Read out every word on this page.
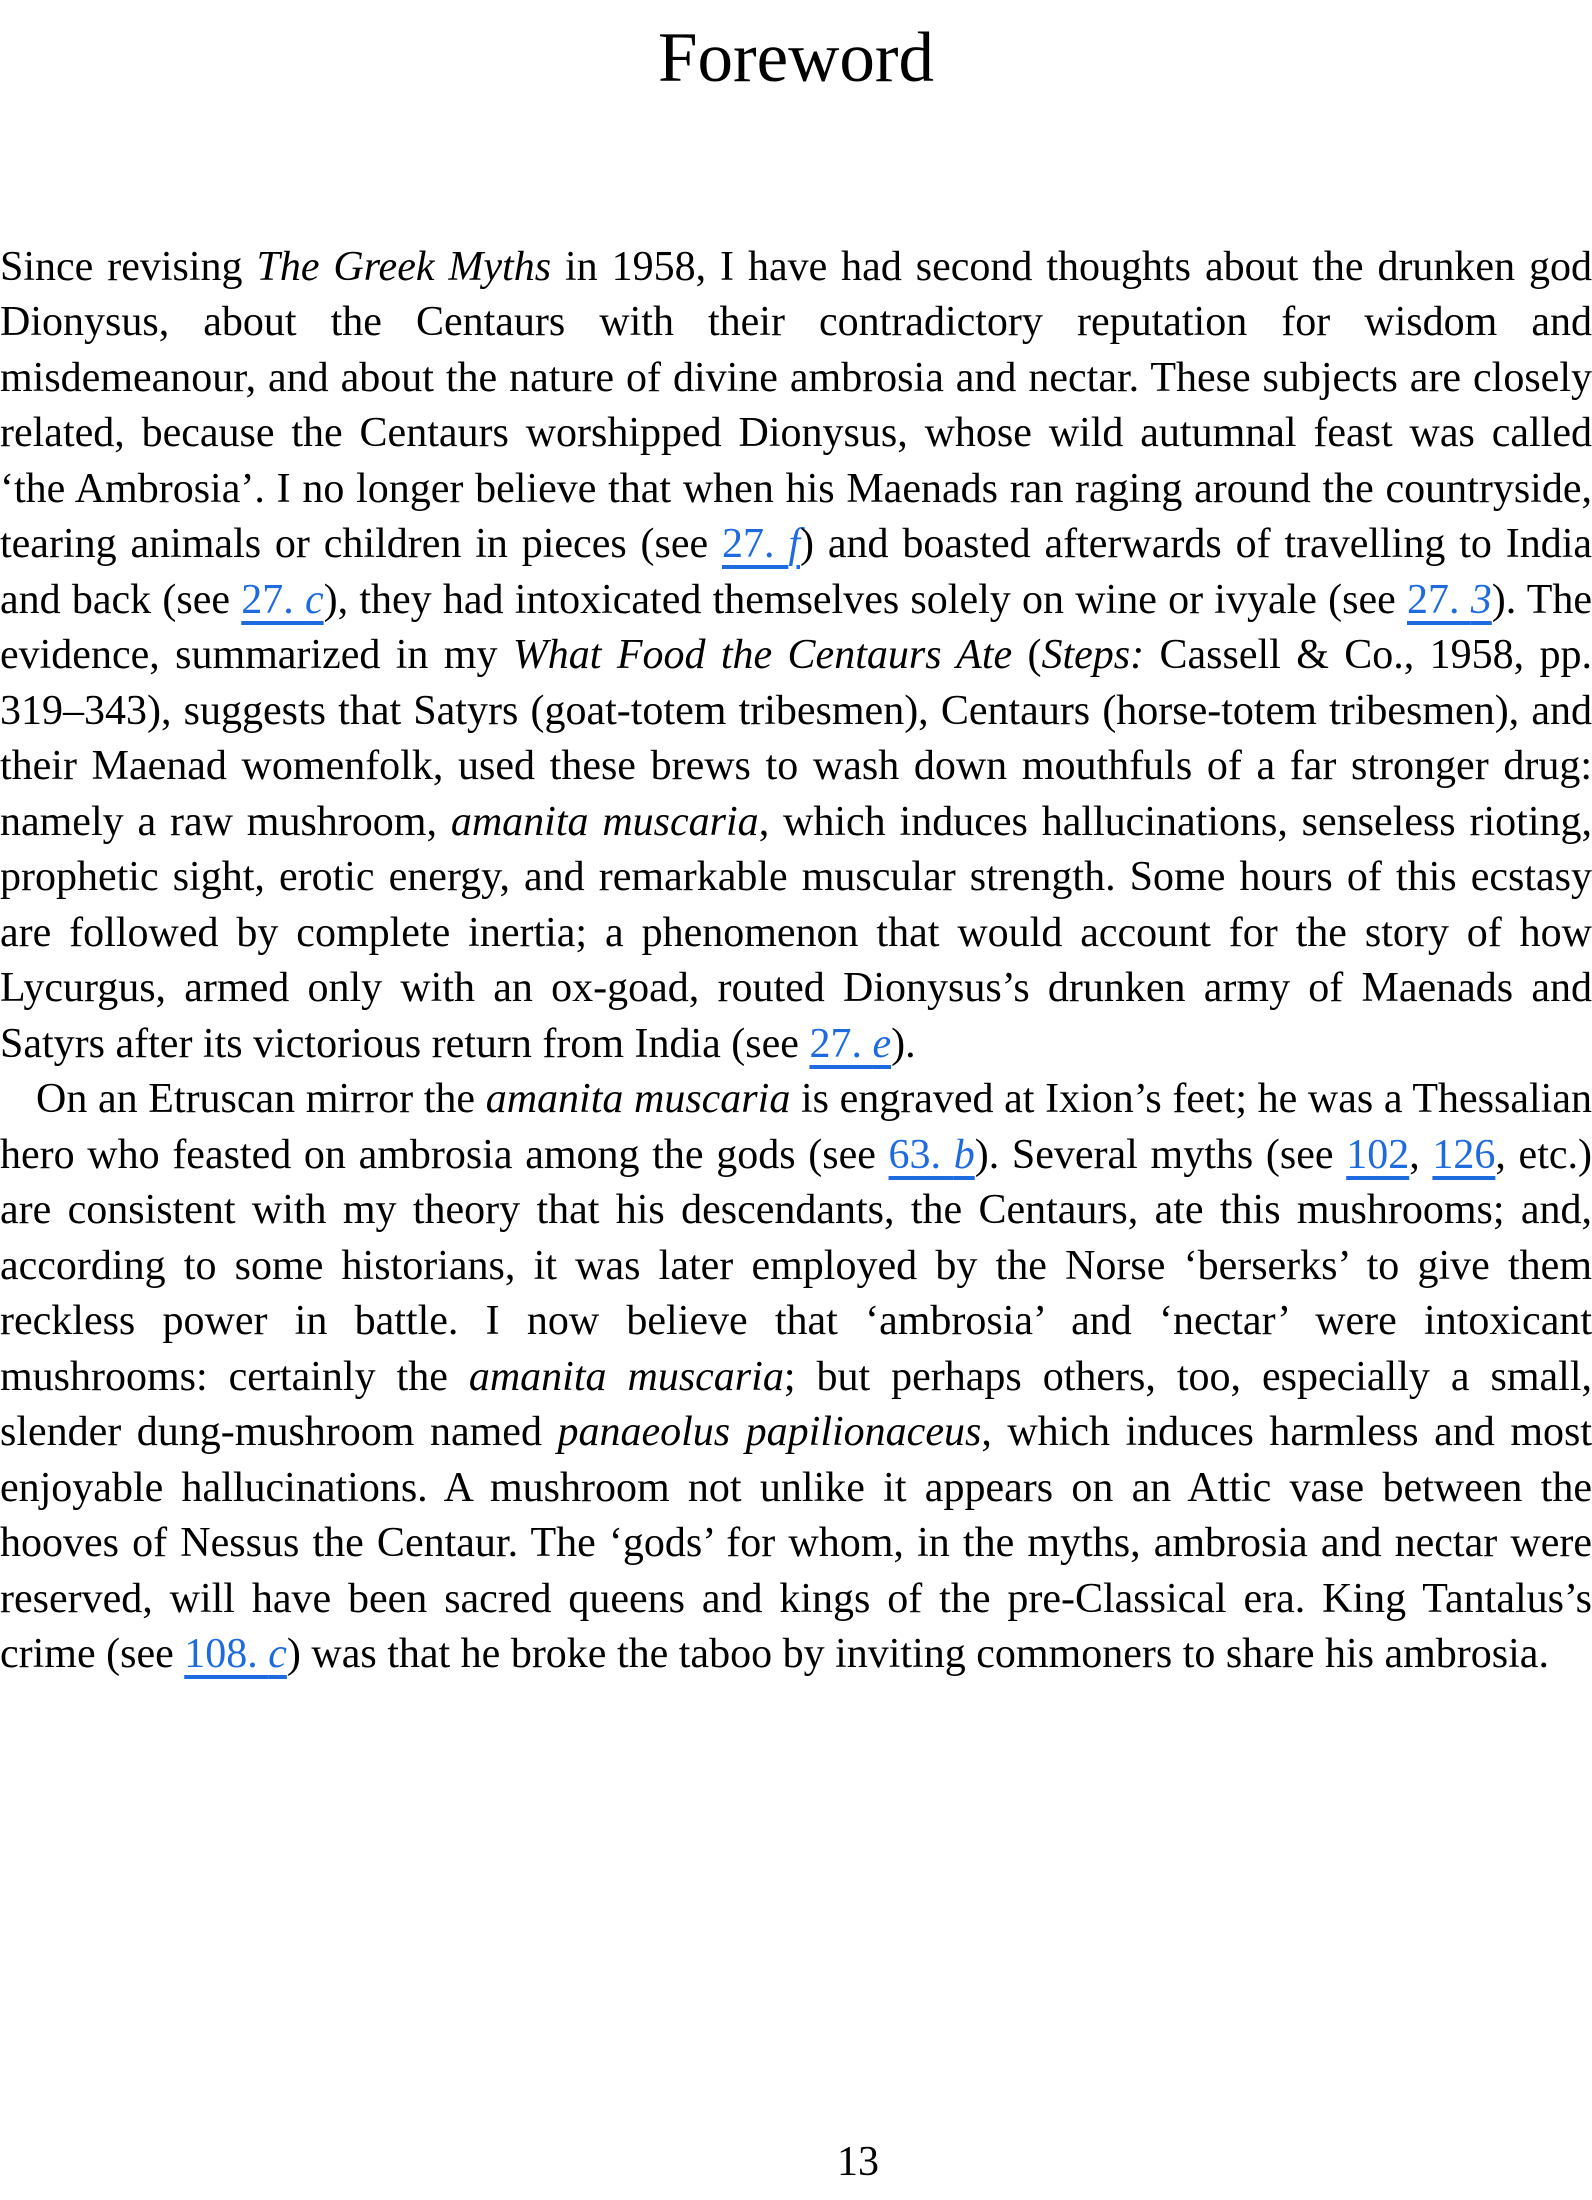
Foreword

Since revising The Greek Myths in 1958, I have had second thoughts about the drunken god Dionysus, about the Centaurs with their contradictory reputation for wisdom and misdemeanour, and about the nature of divine ambrosia and nectar. These subjects are closely related, because the Centaurs worshipped Dionysus, whose wild autumnal feast was called ‘the Ambrosia’. I no longer believe that when his Maenads ran raging around the countryside, tearing animals or children in pieces (see 27. f) and boasted afterwards of travelling to India and back (see 27. c), they had intoxicated themselves solely on wine or ivyale (see 27. 3). The evidence, summarized in my What Food the Centaurs Ate (Steps: Cassell & Co., 1958, pp. 319–343), suggests that Satyrs (goat-totem tribesmen), Centaurs (horse-totem tribesmen), and their Maenad womenfolk, used these brews to wash down mouthfuls of a far stronger drug: namely a raw mushroom, amanita muscaria, which induces hallucinations, senseless rioting, prophetic sight, erotic energy, and remarkable muscular strength. Some hours of this ecstasy are followed by complete inertia; a phenomenon that would account for the story of how Lycurgus, armed only with an ox-goad, routed Dionysus’s drunken army of Maenads and Satyrs after its victorious return from India (see 27. e).

On an Etruscan mirror the amanita muscaria is engraved at Ixion’s feet; he was a Thessalian hero who feasted on ambrosia among the gods (see 63. b). Several myths (see 102, 126, etc.) are consistent with my theory that his descendants, the Centaurs, ate this mushrooms; and, according to some historians, it was later employed by the Norse ‘berserks’ to give them reckless power in battle. I now believe that ‘ambrosia’ and ‘nectar’ were intoxicant mushrooms: certainly the amanita muscaria; but perhaps others, too, especially a small, slender dung-mushroom named panaeolus papilionaceus, which induces harmless and most enjoyable hallucinations. A mushroom not unlike it appears on an Attic vase between the hooves of Nessus the Centaur. The ‘gods’ for whom, in the myths, ambrosia and nectar were reserved, will have been sacred queens and kings of the pre-Classical era. King Tantalus’s crime (see 108. c) was that he broke the taboo by inviting commoners to share his ambrosia.

13
